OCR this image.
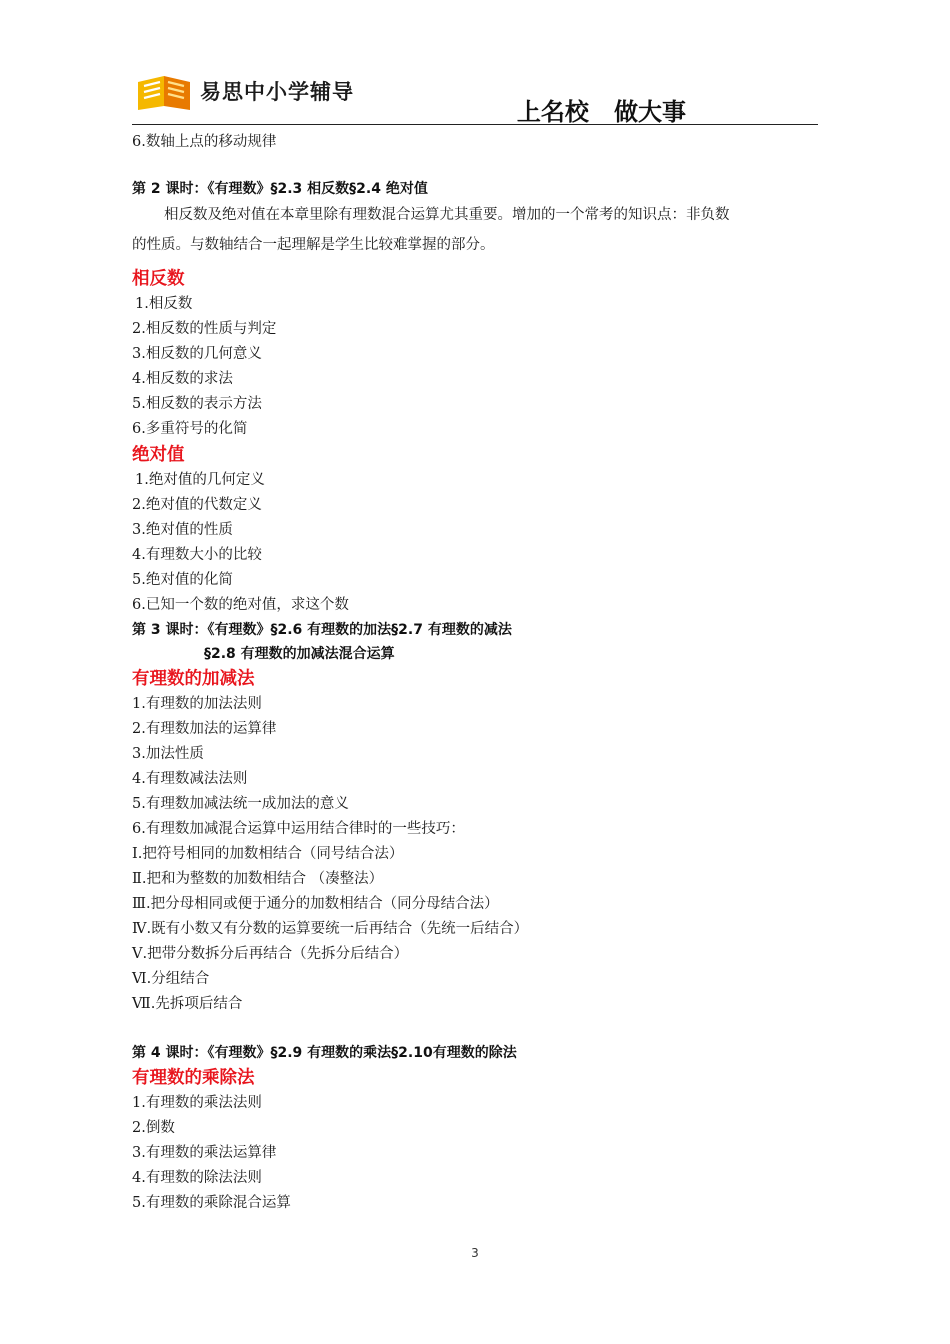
易思中小学辅导
上名校   做大事
6.数轴上点的移动规律
第 2 课时：《有理数》§2.3 相反数§2.4 绝对值
相反数及绝对值在本章里除有理数混合运算尤其重要。增加的一个常考的知识点：非负数
的性质。与数轴结合一起理解是学生比较难掌握的部分。
相反数
1.相反数
2.相反数的性质与判定
3.相反数的几何意义
4.相反数的求法
5.相反数的表示方法
6.多重符号的化简
绝对值
1.绝对值的几何定义
2.绝对值的代数定义
3.绝对值的性质
4.有理数大小的比较
5.绝对值的化简
6.已知一个数的绝对值，求这个数
第 3 课时：《有理数》§2.6 有理数的加法§2.7 有理数的减法
§2.8 有理数的加减法混合运算
有理数的加减法
1.有理数的加法法则
2.有理数加法的运算律
3.加法性质
4.有理数减法法则
5.有理数加减法统一成加法的意义
6.有理数加减混合运算中运用结合律时的一些技巧：
Ⅰ.把符号相同的加数相结合（同号结合法）
Ⅱ.把和为整数的加数相结合 （凑整法）
Ⅲ.把分母相同或便于通分的加数相结合（同分母结合法）
Ⅳ.既有小数又有分数的运算要统一后再结合（先统一后结合）
Ⅴ.把带分数拆分后再结合（先拆分后结合）
Ⅵ.分组结合
Ⅶ.先拆项后结合
第 4 课时：《有理数》§2.9 有理数的乘法§2.10有理数的除法
有理数的乘除法
1.有理数的乘法法则
2.倒数
3.有理数的乘法运算律
4.有理数的除法法则
5.有理数的乘除混合运算
3
